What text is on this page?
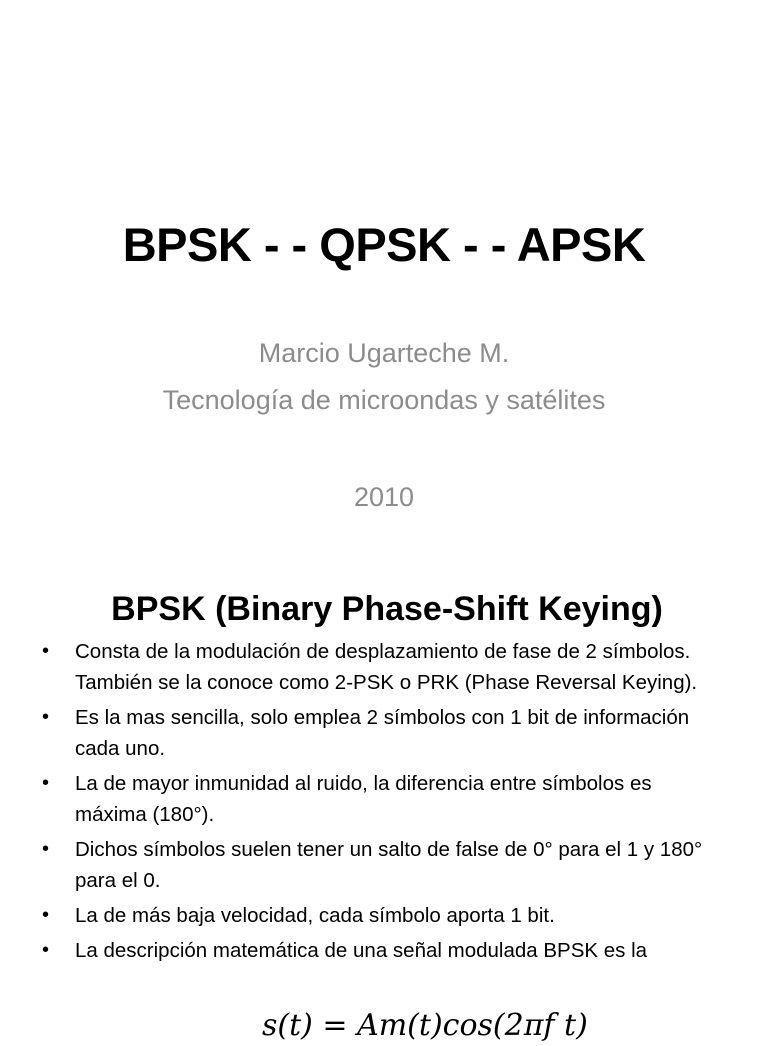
BPSK - - QPSK - - APSK
Marcio Ugarteche M.
Tecnología de microondas y satélites
2010
BPSK (Binary Phase-Shift Keying)
• Consta de la modulación de desplazamiento de fase de 2 símbolos. También se la conoce como 2-PSK o PRK (Phase Reversal Keying).
• Es la mas sencilla, solo emplea 2 símbolos con 1 bit de información cada uno.
• La de mayor inmunidad al ruido, la diferencia entre símbolos es máxima (180°).
• Dichos símbolos suelen tener un salto de false de 0° para el 1 y 180° para el 0.
• La de más baja velocidad, cada símbolo aporta 1 bit.
• La descripción matemática de una señal modulada BPSK es la
s(t) = Am(t)cos(2πf t)
